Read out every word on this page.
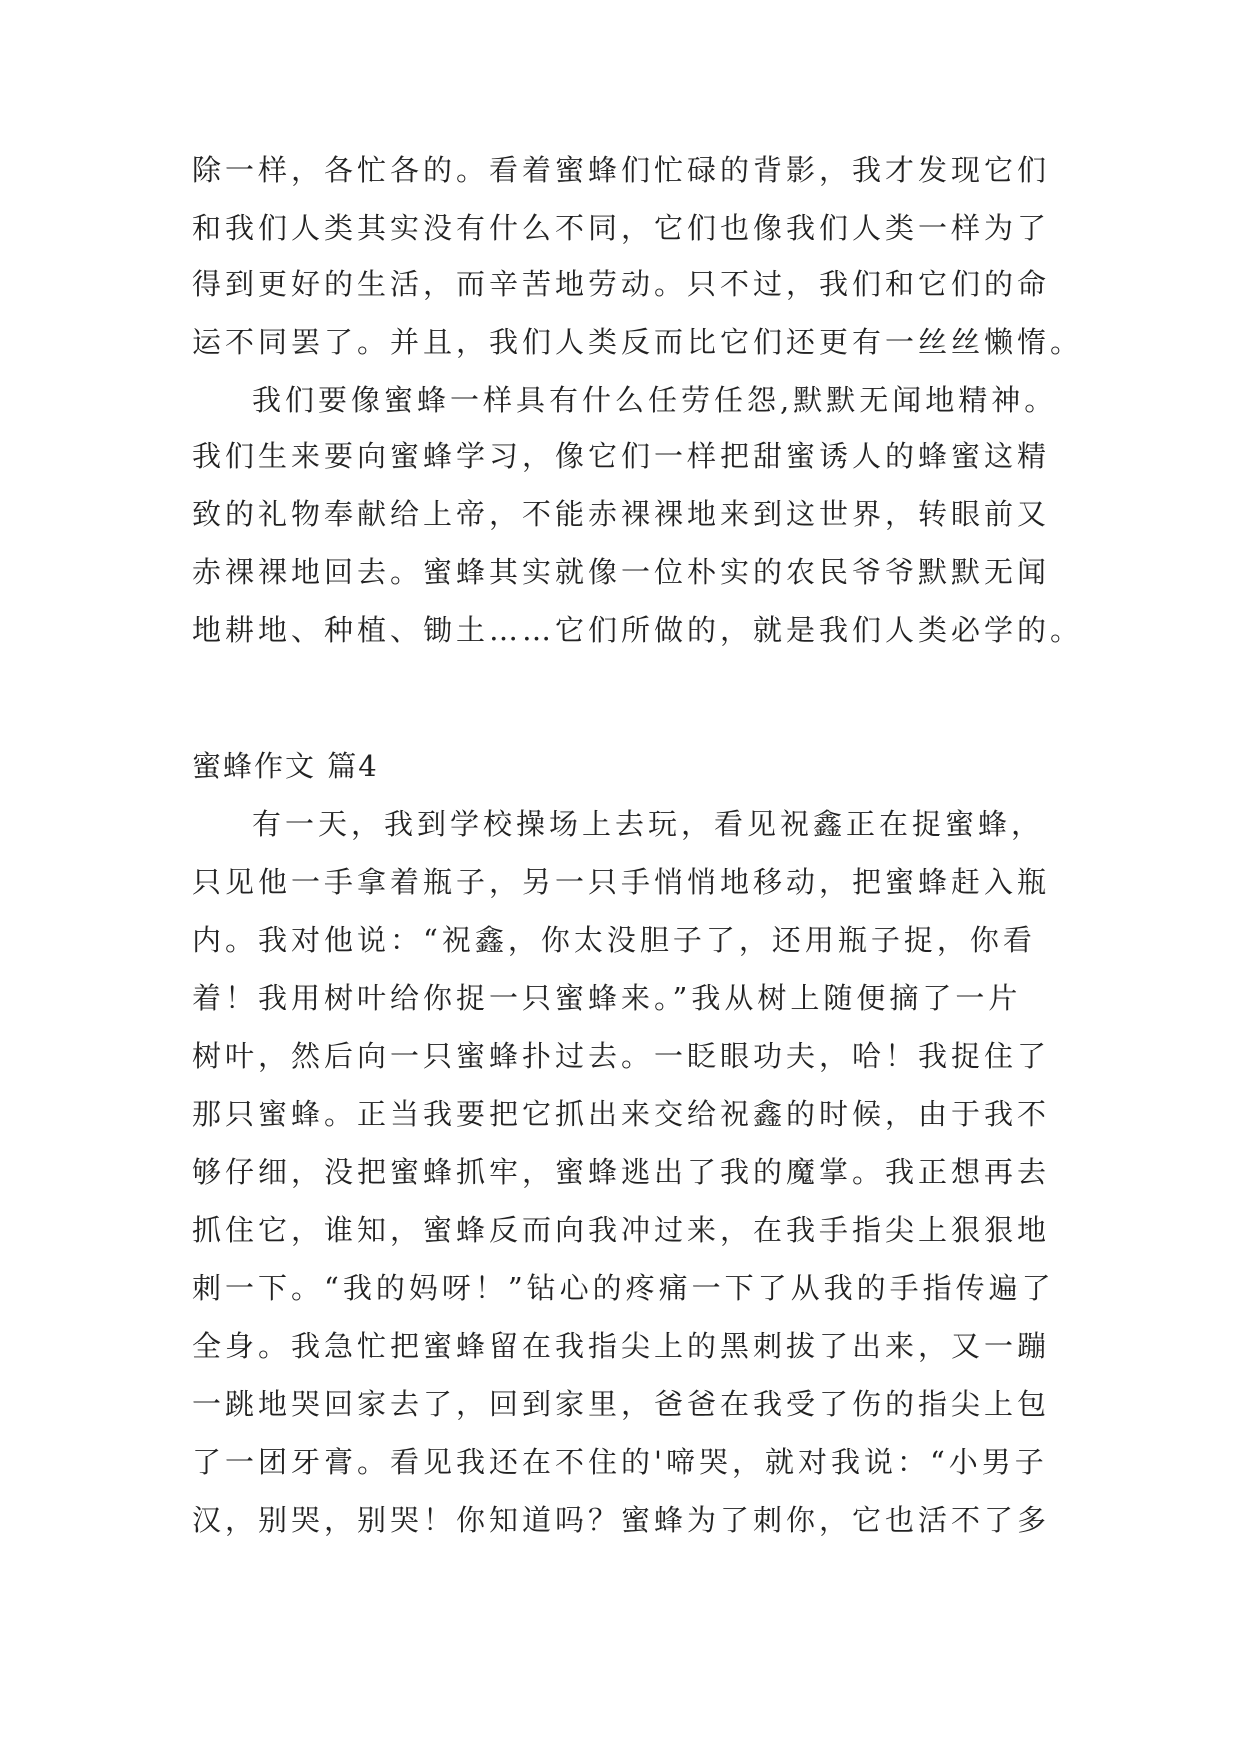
除一样，各忙各的。看着蜜蜂们忙碌的背影，我才发现它们
和我们人类其实没有什么不同，它们也像我们人类一样为了
得到更好的生活，而辛苦地劳动。只不过，我们和它们的命
运不同罢了。并且，我们人类反而比它们还更有一丝丝懒惰。
我们要像蜜蜂一样具有什么任劳任怨,默默无闻地精神。
我们生来要向蜜蜂学习，像它们一样把甜蜜诱人的蜂蜜这精
致的礼物奉献给上帝，不能赤裸裸地来到这世界，转眼前又
赤裸裸地回去。蜜蜂其实就像一位朴实的农民爷爷默默无闻
地耕地、种植、锄土……它们所做的，就是我们人类必学的。
蜜蜂作文 篇4
有一天，我到学校操场上去玩，看见祝鑫正在捉蜜蜂，
只见他一手拿着瓶子，另一只手悄悄地移动，把蜜蜂赶入瓶
内。我对他说：“祝鑫，你太没胆子了，还用瓶子捉，你看
着！我用树叶给你捉一只蜜蜂来。”我从树上随便摘了一片
树叶，然后向一只蜜蜂扑过去。一眨眼功夫，哈！我捉住了
那只蜜蜂。正当我要把它抓出来交给祝鑫的时候，由于我不
够仔细，没把蜜蜂抓牢，蜜蜂逃出了我的魔掌。我正想再去
抓住它，谁知，蜜蜂反而向我冲过来，在我手指尖上狠狠地
刺一下。“我的妈呀！”钻心的疼痛一下了从我的手指传遍了
全身。我急忙把蜜蜂留在我指尖上的黑刺拔了出来，又一蹦
一跳地哭回家去了，回到家里，爸爸在我受了伤的指尖上包
了一团牙膏。看见我还在不住的'啼哭，就对我说：“小男子
汉，别哭，别哭！你知道吗？蜜蜂为了刺你，它也活不了多
